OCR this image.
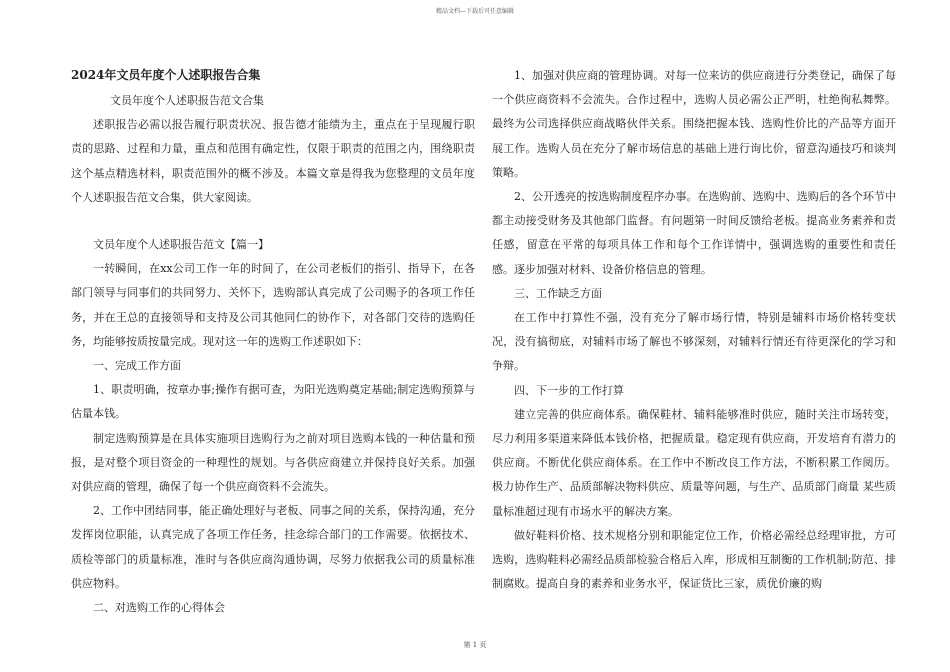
精品文档---下载后可任意编辑

2024年文员年度个人述职报告合集

文员年度个人述职报告范文合集

述职报告必需以报告履行职责状况、报告德才能绩为主，重点在于呈现履行职责的思路、过程和力量，重点和范围有确定性，仅限于职责的范围之内，围绕职责这个基点精选材料，职责范围外的概不涉及。本篇文章是得我为您整理的文员年度个人述职报告范文合集，供大家阅读。

文员年度个人述职报告范文【篇一】

一转瞬间，在xx公司工作一年的时间了，在公司老板们的指引、指导下，在各部门领导与同事们的共同努力、关怀下，选购部认真完成了公司赐予的各项工作任务，并在王总的直接领导和支持及公司其他同仁的协作下，对各部门交待的选购任务，均能够按质按量完成。现对这一年的选购工作述职如下：

一、完成工作方面

1、职责明确，按章办事;操作有据可查，为阳光选购奠定基础;制定选购预算与估量本钱。

制定选购预算是在具体实施项目选购行为之前对项目选购本钱的一种估量和预报，是对整个项目资金的一种理性的规划。与各供应商建立并保持良好关系。加强对供应商的管理，确保了每一个供应商资料不会流失。

2、工作中团结同事，能正确处理好与老板、同事之间的关系，保持沟通，充分发挥岗位职能，认真完成了各项工作任务，挂念综合部门的工作需要。依据技术、质检等部门的质量标准，准时与各供应商沟通协调，尽努力依据我公司的质量标准供应物料。

二、对选购工作的心得体会

1、加强对供应商的管理协调。对每一位来访的供应商进行分类登记，确保了每一个供应商资料不会流失。合作过程中，选购人员必需公正严明，杜绝徇私舞弊。最终为公司选择供应商战略伙伴关系。围绕把握本钱、选购性价比的产品等方面开展工作。选购人员在充分了解市场信息的基础上进行询比价，留意沟通技巧和谈判策略。

2、公开透亮的按选购制度程序办事。在选购前、选购中、选购后的各个环节中都主动接受财务及其他部门监督。有问题第一时间反馈给老板。提高业务素养和责任感，留意在平常的每项具体工作和每个工作详情中，强调选购的重要性和责任感。逐步加强对材料、设备价格信息的管理。

三、工作缺乏方面

在工作中打算性不强，没有充分了解市场行情，特别是辅料市场价格转变状况，没有搞彻底，对辅料市场了解也不够深刻，对辅料行情还有待更深化的学习和争辩。

四、下一步的工作打算

建立完善的供应商体系。确保鞋材、辅料能够准时供应，随时关注市场转变，尽力利用多渠道来降低本钱价格，把握质量。稳定现有供应商，开发培育有潜力的供应商。不断优化供应商体系。在工作中不断改良工作方法，不断积累工作阅历。极力协作生产、品质部解决物料供应、质量等问题，与生产、品质部门商量 某些质量标准超过现有市场水平的解决方案。

做好鞋料价格、技术规格分别和职能定位工作，价格必需经总经理审批，方可选购，选购鞋料必需经品质部检验合格后入库，形成相互制衡的工作机制;防范、排制腐败。提高自身的素养和业务水平，保证货比三家，质优价廉的购

第 1 页
